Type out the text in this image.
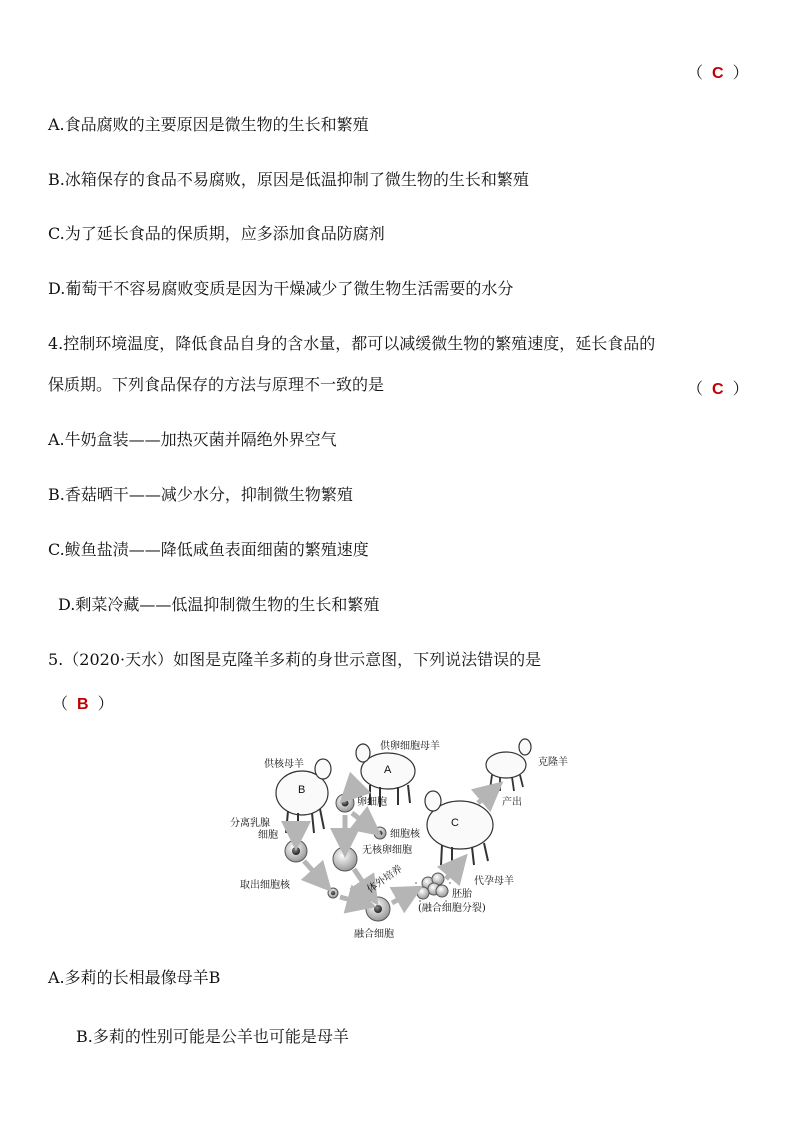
（ C ）
A.食品腐败的主要原因是微生物的生长和繁殖
B.冰箱保存的食品不易腐败，原因是低温抑制了微生物的生长和繁殖
C.为了延长食品的保质期，应多添加食品防腐剂
D.葡萄干不容易腐败变质是因为干燥减少了微生物生活需要的水分
4.控制环境温度，降低食品自身的含水量，都可以减缓微生物的繁殖速度，延长食品的
保质期。下列食品保存的方法与原理不一致的是	（ C ）
A.牛奶盒装——加热灭菌并隔绝外界空气
B.香菇晒干——减少水分，抑制微生物繁殖
C.鲅鱼盐渍——降低咸鱼表面细菌的繁殖速度
D.剩菜冷藏——低温抑制微生物的生长和繁殖
5.（2020·天水）如图是克隆羊多莉的身世示意图，下列说法错误的是
（ B ）
B
A
C
供核母羊
供卵细胞母羊
克隆羊
分离乳腺
细胞
卵细胞
细胞核
无核卵细胞
取出细胞核	体外培养
产出
代孕母羊
胚胎
(融合细胞分裂)
融合细胞
A.多莉的长相最像母羊B
B.多莉的性别可能是公羊也可能是母羊
